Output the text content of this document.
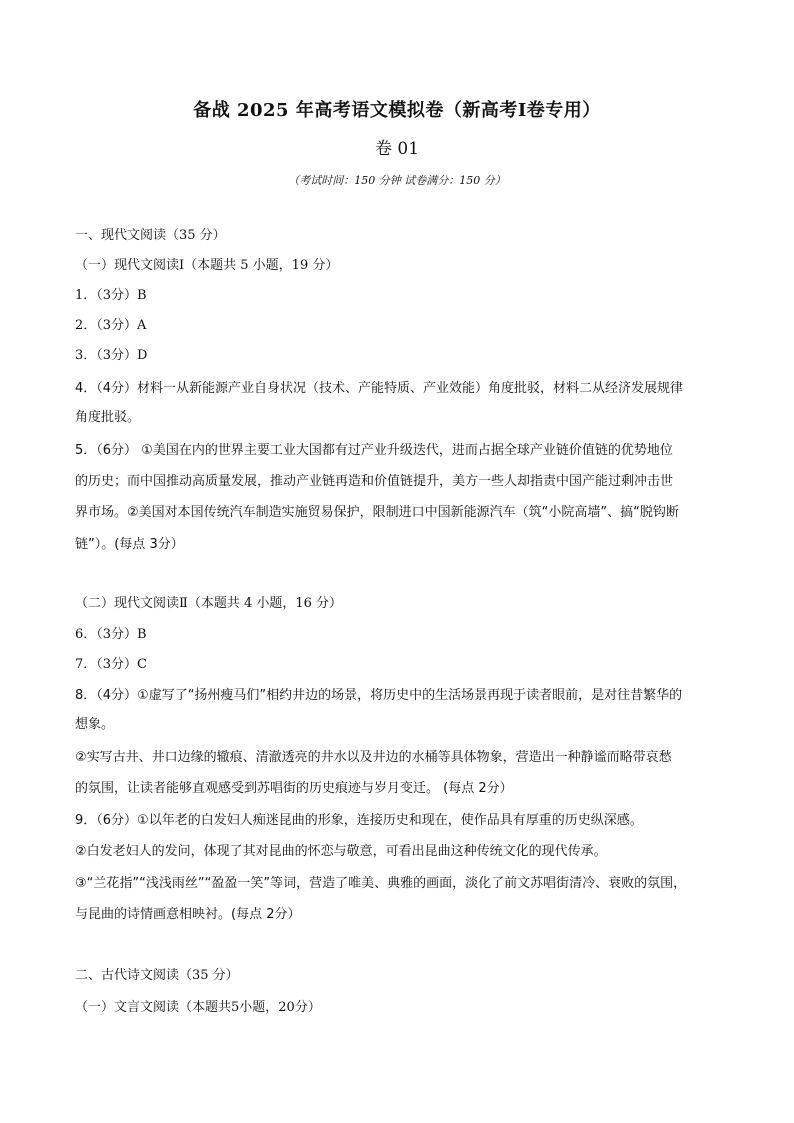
备战 2025 年高考语文模拟卷（新高考Ⅰ卷专用）
卷 01
（考试时间：150 分钟 试卷满分：150 分）
一、现代文阅读（35 分）
（一）现代文阅读Ⅰ（本题共 5 小题，19 分）
1．（3分）B
2．（3分）A
3．（3分）D
4．（4分）材料一从新能源产业自身状况（技术、产能特质、产业效能）角度批驳，材料二从经济发展规律
角度批驳。
5．（6分） ①美国在内的世界主要工业大国都有过产业升级迭代，进而占据全球产业链价值链的优势地位
的历史；而中国推动高质量发展，推动产业链再造和价值链提升，美方一些人却指责中国产能过剩冲击世
界市场。②美国对本国传统汽车制造实施贸易保护，限制进口中国新能源汽车（筑“小院高墙”、搞“脱钩断
链”）。(每点 3分）
（二）现代文阅读Ⅱ（本题共 4 小题，16 分）
6．（3分）B
7．（3分）C
8．（4分）①虚写了“扬州瘦马们”相约井边的场景，将历史中的生活场景再现于读者眼前，是对往昔繁华的
想象。
②实写古井、井口边缘的辙痕、清澈透亮的井水以及井边的水桶等具体物象，营造出一种静谧而略带哀愁
的氛围，让读者能够直观感受到苏唱街的历史痕迹与岁月变迁。 (每点 2分）
9．（6分）①以年老的白发妇人痴迷昆曲的形象，连接历史和现在，使作品具有厚重的历史纵深感。
②白发老妇人的发问，体现了其对昆曲的怀恋与敬意，可看出昆曲这种传统文化的现代传承。
③“兰花指”“浅浅雨丝”“盈盈一笑”等词，营造了唯美、典雅的画面，淡化了前文苏唱街清冷、衰败的氛围，
与昆曲的诗情画意相映衬。(每点 2分）
二、古代诗文阅读（35 分）
（一）文言文阅读（本题共5小题，20分）
